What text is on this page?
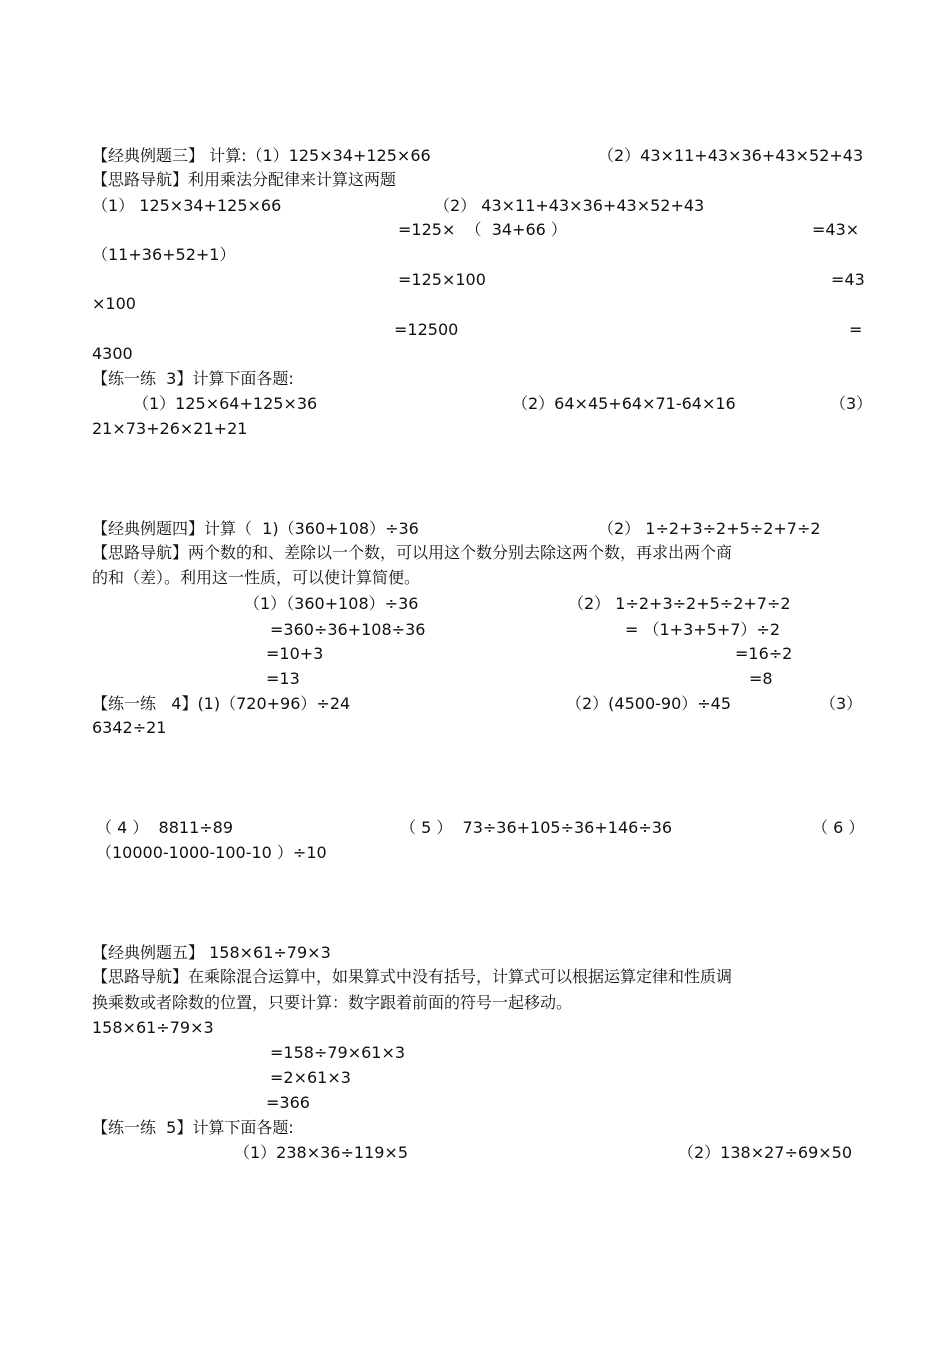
【经典例题三】 计算:（1）125×34+125×66	（2）43×11+43×36+43×52+43
【思路导航】利用乘法分配律来计算这两题
（1） 125×34+125×66	（2） 43×11+43×36+43×52+43
=125×  （  34+66 ）	=43×
（11+36+52+1）
=125×100	=43
×100
=12500	=
4300
【练一练  3】计算下面各题:
（1）125×64+125×36	（2）64×45+64×71-64×16	（3）
21×73+26×21+21
【经典例题四】计算（  1)（360+108）÷36	（2） 1÷2+3÷2+5÷2+7÷2
【思路导航】两个数的和、差除以一个数，可以用这个数分别去除这两个数，再求出两个商
的和（差）。利用这一性质，可以使计算简便。
（1）（360+108）÷36	（2） 1÷2+3÷2+5÷2+7÷2
=360÷36+108÷36	= （1+3+5+7）÷2
=10+3	=16÷2
=13	=8
【练一练   4】(1)（720+96）÷24	（2）(4500-90）÷45	（3）
6342÷21
（ 4 ）  8811÷89	（ 5 ）  73÷36+105÷36+146÷36	（ 6 ）
（10000-1000-100-10 ）÷10
【经典例题五】 158×61÷79×3
【思路导航】在乘除混合运算中，如果算式中没有括号，计算式可以根据运算定律和性质调
换乘数或者除数的位置，只要计算：数字跟着前面的符号一起移动。
158×61÷79×3
=158÷79×61×3
=2×61×3
=366
【练一练  5】计算下面各题:
（1）238×36÷119×5	（2）138×27÷69×50
